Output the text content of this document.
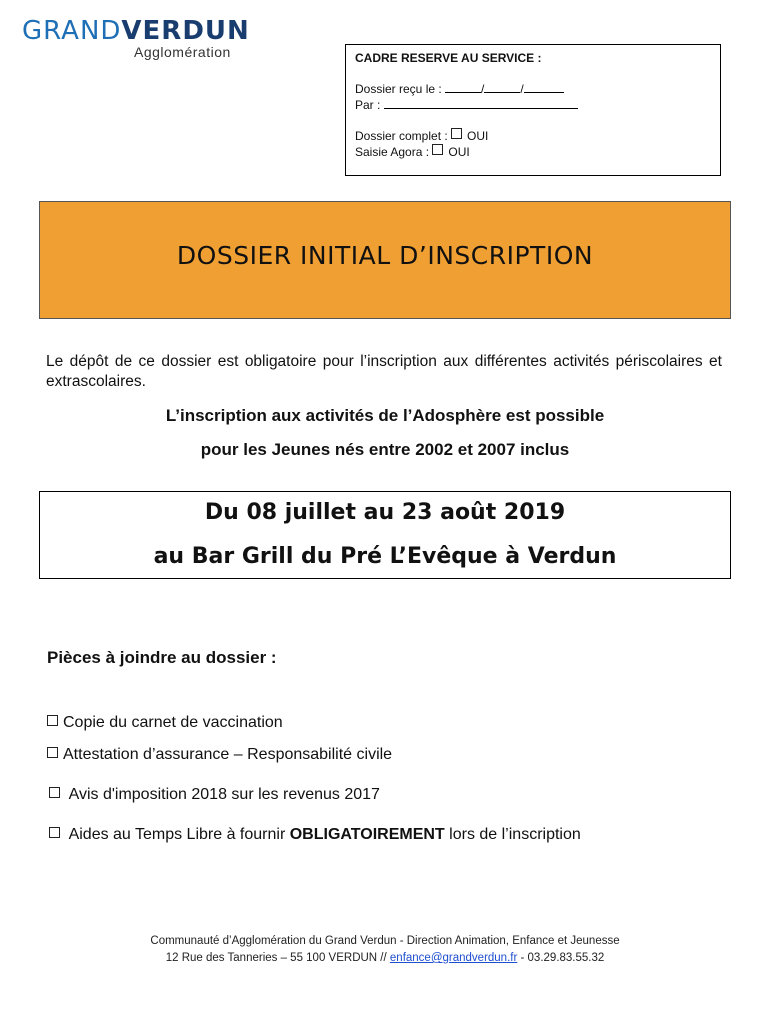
GRANDVERDUN
Agglomération	CADRE RESERVE AU SERVICE :
Dossier reçu le :	/	/
Par :
Dossier complet : OUI
Saisie Agora : OUI
DOSSIER INITIAL D’INSCRIPTION
Le dépôt de ce dossier est obligatoire pour l’inscription aux différentes activités périscolaires et extrascolaires.
L’inscription aux activités de l’Adosphère est possible
pour les Jeunes nés entre 2002 et 2007 inclus
Du 08 juillet au 23 août 2019
au Bar Grill du Pré L’Evêque à Verdun
Pièces à joindre au dossier :
Copie du carnet de vaccination
Attestation d’assurance – Responsabilité civile
Avis d'imposition 2018 sur les revenus 2017
Aides au Temps Libre à fournir OBLIGATOIREMENT lors de l’inscription
Communauté d’Agglomération du Grand Verdun - Direction Animation, Enfance et Jeunesse
12 Rue des Tanneries – 55 100 VERDUN // enfance@grandverdun.fr - 03.29.83.55.32
